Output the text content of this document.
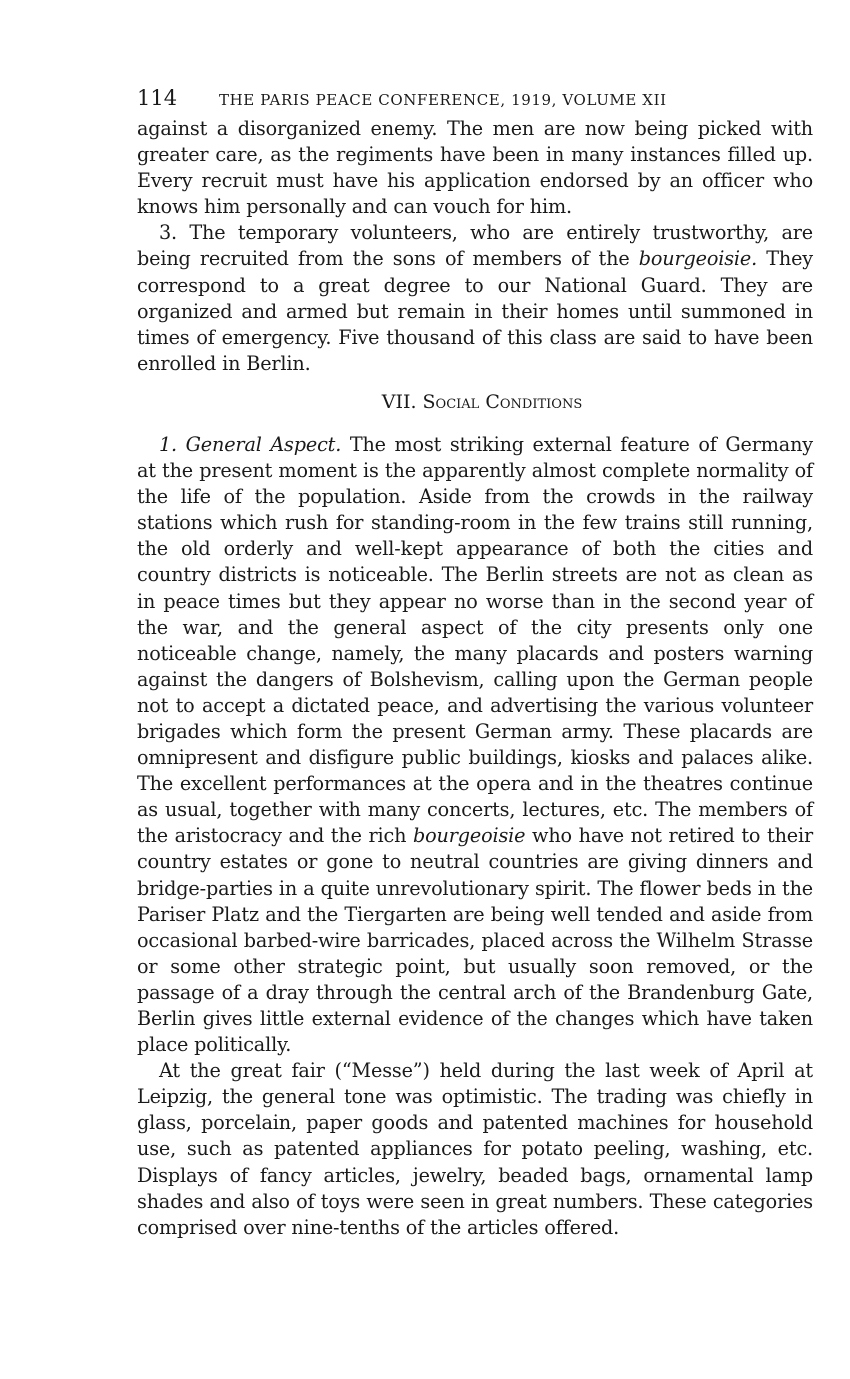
114	THE PARIS PEACE CONFERENCE, 1919, VOLUME XII

against a disorganized enemy. The men are now being picked with greater care, as the regiments have been in many instances filled up. Every recruit must have his application endorsed by an officer who knows him personally and can vouch for him.

3. The temporary volunteers, who are entirely trustworthy, are being recruited from the sons of members of the bourgeoisie. They correspond to a great degree to our National Guard. They are organized and armed but remain in their homes until summoned in times of emergency. Five thousand of this class are said to have been enrolled in Berlin.

VII. Social Conditions

1. General Aspect. The most striking external feature of Germany at the present moment is the apparently almost complete normality of the life of the population. Aside from the crowds in the railway stations which rush for standing-room in the few trains still running, the old orderly and well-kept appearance of both the cities and country districts is noticeable. The Berlin streets are not as clean as in peace times but they appear no worse than in the second year of the war, and the general aspect of the city presents only one noticeable change, namely, the many placards and posters warning against the dangers of Bolshevism, calling upon the German people not to accept a dictated peace, and advertising the various volunteer brigades which form the present German army. These placards are omnipresent and disfigure public buildings, kiosks and palaces alike. The excellent performances at the opera and in the theatres continue as usual, together with many concerts, lectures, etc. The members of the aristocracy and the rich bourgeoisie who have not retired to their country estates or gone to neutral countries are giving dinners and bridge-parties in a quite unrevolutionary spirit. The flower beds in the Pariser Platz and the Tiergarten are being well tended and aside from occasional barbed-wire barricades, placed across the Wilhelm Strasse or some other strategic point, but usually soon removed, or the passage of a dray through the central arch of the Brandenburg Gate, Berlin gives little external evidence of the changes which have taken place politically.

At the great fair (“Messe”) held during the last week of April at Leipzig, the general tone was optimistic. The trading was chiefly in glass, porcelain, paper goods and patented machines for household use, such as patented appliances for potato peeling, washing, etc. Displays of fancy articles, jewelry, beaded bags, ornamental lamp shades and also of toys were seen in great numbers. These categories comprised over nine-tenths of the articles offered.
